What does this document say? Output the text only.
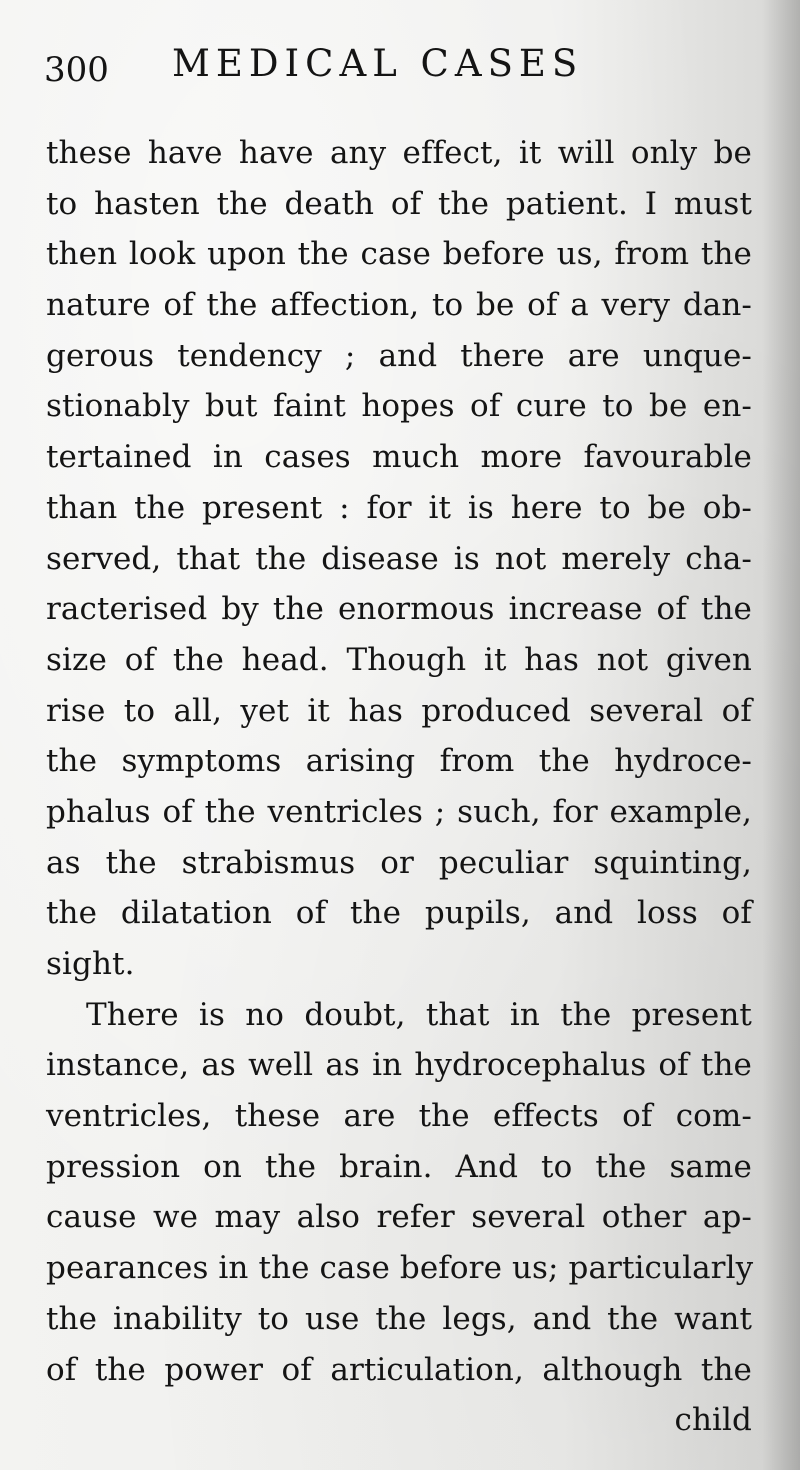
300 MEDICAL CASES
these have have any effect, it will only be
to hasten the death of the patient. I must
then look upon the case before us, from the
nature of the affection, to be of a very dan-
gerous tendency ; and there are unque-
stionably but faint hopes of cure to be en-
tertained in cases much more favourable
than the present : for it is here to be ob-
served, that the disease is not merely cha-
racterised by the enormous increase of the
size of the head. Though it has not given
rise to all, yet it has produced several of
the symptoms arising from the hydroce-
phalus of the ventricles ; such, for example,
as the strabismus or peculiar squinting,
the dilatation of the pupils, and loss of
sight.
There is no doubt, that in the present
instance, as well as in hydrocephalus of the
ventricles, these are the effects of com-
pression on the brain. And to the same
cause we may also refer several other ap-
pearances in the case before us; particularly
the inability to use the legs, and the want
of the power of articulation, although the
child
